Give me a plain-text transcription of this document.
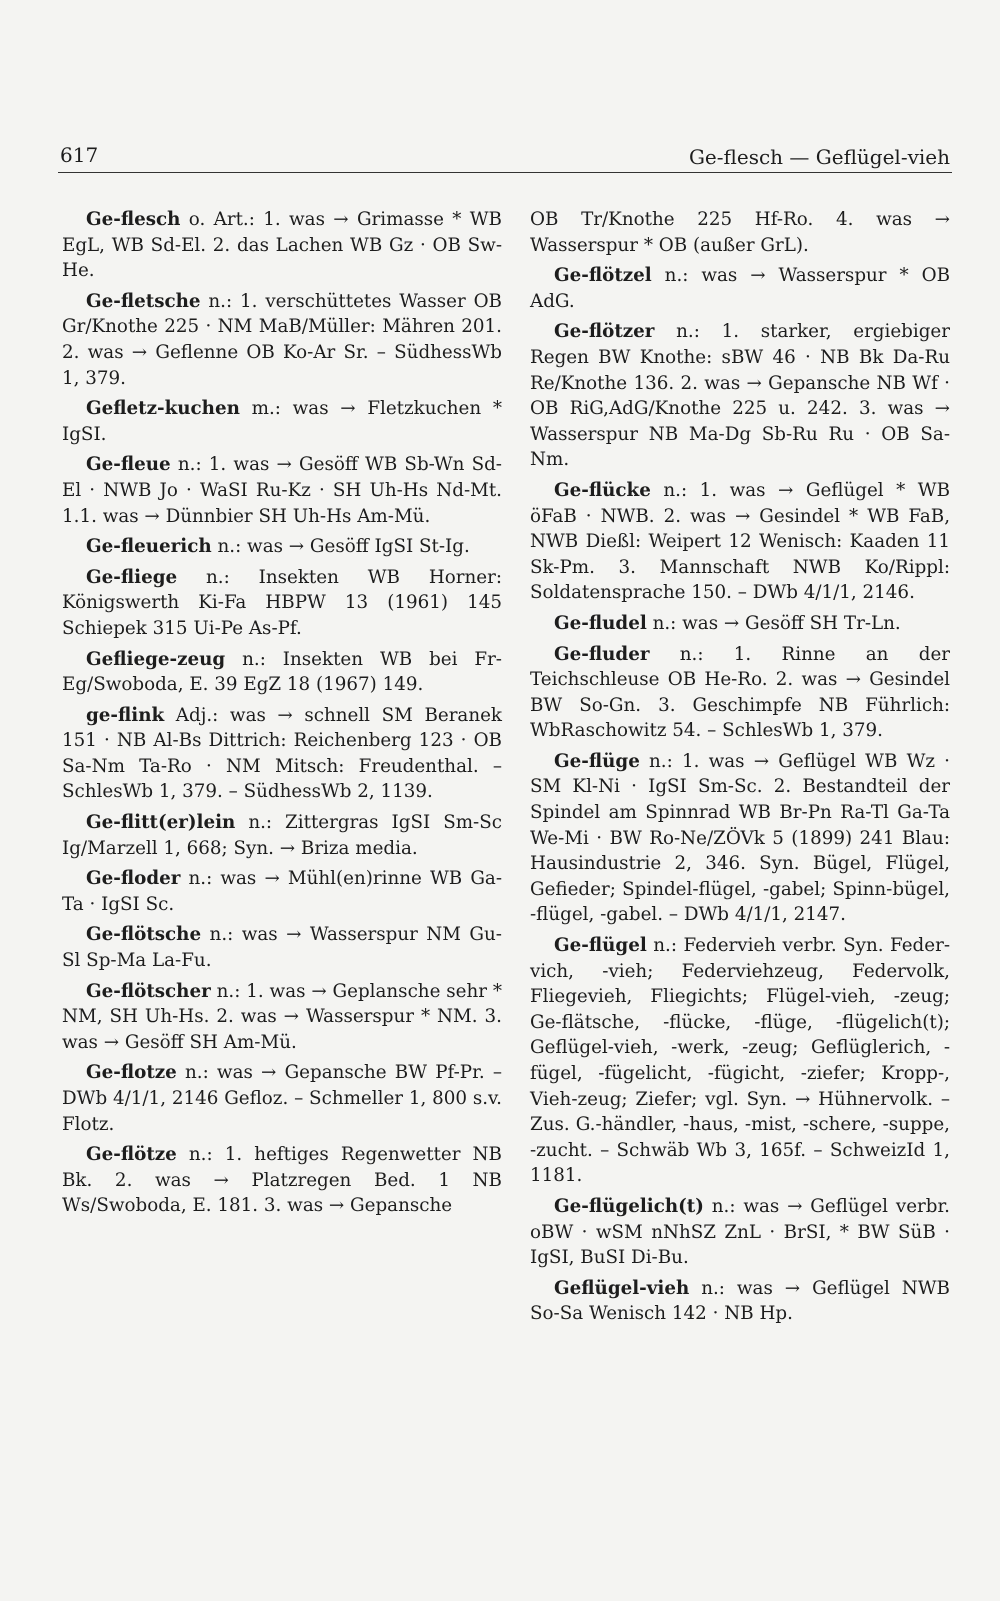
617	Ge-flesch — Geflügel-vieh
Ge-flesch o. Art.: 1. was → Grimasse * WB EgL, WB Sd-El. 2. das Lachen WB Gz · OB Sw-He.
Ge-fletsche n.: 1. verschüttetes Wasser OB Gr/Knothe 225 · NM MaB/Müller: Mähren 201. 2. was → Geflenne OB Ko-Ar Sr. – SüdhessWb 1, 379.
Gefletz-kuchen m.: was → Fletzkuchen * IgSI.
Ge-fleue n.: 1. was → Gesöff WB Sb-Wn Sd-El · NWB Jo · WaSI Ru-Kz · SH Uh-Hs Nd-Mt. 1.1. was → Dünnbier SH Uh-Hs Am-Mü.
Ge-fleuerich n.: was → Gesöff IgSI St-Ig.
Ge-fliege n.: Insekten WB Horner: Königswerth Ki-Fa HBPW 13 (1961) 145 Schiepek 315 Ui-Pe As-Pf.
Gefliege-zeug n.: Insekten WB bei Fr-Eg/Swoboda, E. 39 EgZ 18 (1967) 149.
ge-flink Adj.: was → schnell SM Beranek 151 · NB Al-Bs Dittrich: Reichenberg 123 · OB Sa-Nm Ta-Ro · NM Mitsch: Freudenthal. – SchlesWb 1, 379. – SüdhessWb 2, 1139.
Ge-flitt(er)lein n.: Zittergras IgSI Sm-Sc Ig/Marzell 1, 668; Syn. → Briza media.
Ge-floder n.: was → Mühl(en)rinne WB Ga-Ta · IgSI Sc.
Ge-flötsche n.: was → Wasserspur NM Gu-Sl Sp-Ma La-Fu.
Ge-flötscher n.: 1. was → Geplansche sehr * NM, SH Uh-Hs. 2. was → Wasserspur * NM. 3. was → Gesöff SH Am-Mü.
Ge-flotze n.: was → Gepansche BW Pf-Pr. – DWb 4/1/1, 2146 Gefloz. – Schmeller 1, 800 s.v. Flotz.
Ge-flötze n.: 1. heftiges Regenwetter NB Bk. 2. was → Platzregen Bed. 1 NB Ws/Swoboda, E. 181. 3. was → Gepansche
OB Tr/Knothe 225 Hf-Ro. 4. was → Wasserspur * OB (außer GrL).
Ge-flötzel n.: was → Wasserspur * OB AdG.
Ge-flötzer n.: 1. starker, ergiebiger Regen BW Knothe: sBW 46 · NB Bk Da-Ru Re/Knothe 136. 2. was → Gepansche NB Wf · OB RiG,AdG/Knothe 225 u. 242. 3. was → Wasserspur NB Ma-Dg Sb-Ru Ru · OB Sa-Nm.
Ge-flücke n.: 1. was → Geflügel * WB öFaB · NWB. 2. was → Gesindel * WB FaB, NWB Dießl: Weipert 12 Wenisch: Kaaden 11 Sk-Pm. 3. Mannschaft NWB Ko/Rippl: Soldatensprache 150. – DWb 4/1/1, 2146.
Ge-fludel n.: was → Gesöff SH Tr-Ln.
Ge-fluder n.: 1. Rinne an der Teichschleuse OB He-Ro. 2. was → Gesindel BW So-Gn. 3. Geschimpfe NB Führlich: WbRaschowitz 54. – SchlesWb 1, 379.
Ge-flüge n.: 1. was → Geflügel WB Wz · SM Kl-Ni · IgSI Sm-Sc. 2. Bestandteil der Spindel am Spinnrad WB Br-Pn Ra-Tl Ga-Ta We-Mi · BW Ro-Ne/ZÖVk 5 (1899) 241 Blau: Hausindustrie 2, 346. Syn. Bügel, Flügel, Gefieder; Spindel-flügel, -gabel; Spinn-bügel, -flügel, -gabel. – DWb 4/1/1, 2147.
Ge-flügel n.: Federvieh verbr. Syn. Feder-vich, -vieh; Federviehzeug, Federvolk, Fliegevieh, Fliegichts; Flügel-vieh, -zeug; Ge-flätsche, -flücke, -flüge, -flügelich(t); Geflügel-vieh, -werk, -zeug; Geflüglerich, -fügel, -fügelicht, -fügicht, -ziefer; Kropp-, Vieh-zeug; Ziefer; vgl. Syn. → Hühnervolk. – Zus. G.-händler, -haus, -mist, -schere, -suppe, -zucht. – Schwäb Wb 3, 165f. – SchweizId 1, 1181.
Ge-flügelich(t) n.: was → Geflügel verbr. oBW · wSM nNhSZ ZnL · BrSI, * BW SüB · IgSI, BuSI Di-Bu.
Geflügel-vieh n.: was → Geflügel NWB So-Sa Wenisch 142 · NB Hp.
